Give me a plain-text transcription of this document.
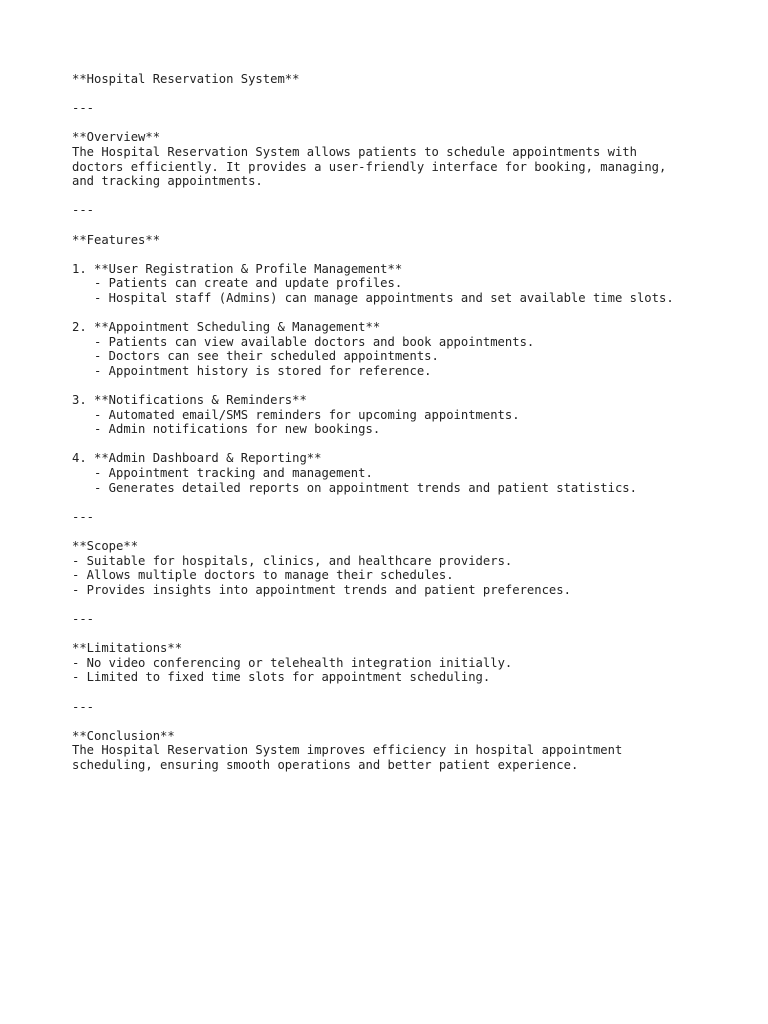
**Hospital Reservation System**
---
**Overview**
The Hospital Reservation System allows patients to schedule appointments with
doctors efficiently. It provides a user-friendly interface for booking, managing,
and tracking appointments.
---
**Features**
1. **User Registration & Profile Management**
- Patients can create and update profiles.
- Hospital staff (Admins) can manage appointments and set available time slots.
2. **Appointment Scheduling & Management**
- Patients can view available doctors and book appointments.
- Doctors can see their scheduled appointments.
- Appointment history is stored for reference.
3. **Notifications & Reminders**
- Automated email/SMS reminders for upcoming appointments.
- Admin notifications for new bookings.
4. **Admin Dashboard & Reporting**
- Appointment tracking and management.
- Generates detailed reports on appointment trends and patient statistics.
---
**Scope**
- Suitable for hospitals, clinics, and healthcare providers.
- Allows multiple doctors to manage their schedules.
- Provides insights into appointment trends and patient preferences.
---
**Limitations**
- No video conferencing or telehealth integration initially.
- Limited to fixed time slots for appointment scheduling.
---
**Conclusion**
The Hospital Reservation System improves efficiency in hospital appointment
scheduling, ensuring smooth operations and better patient experience.
